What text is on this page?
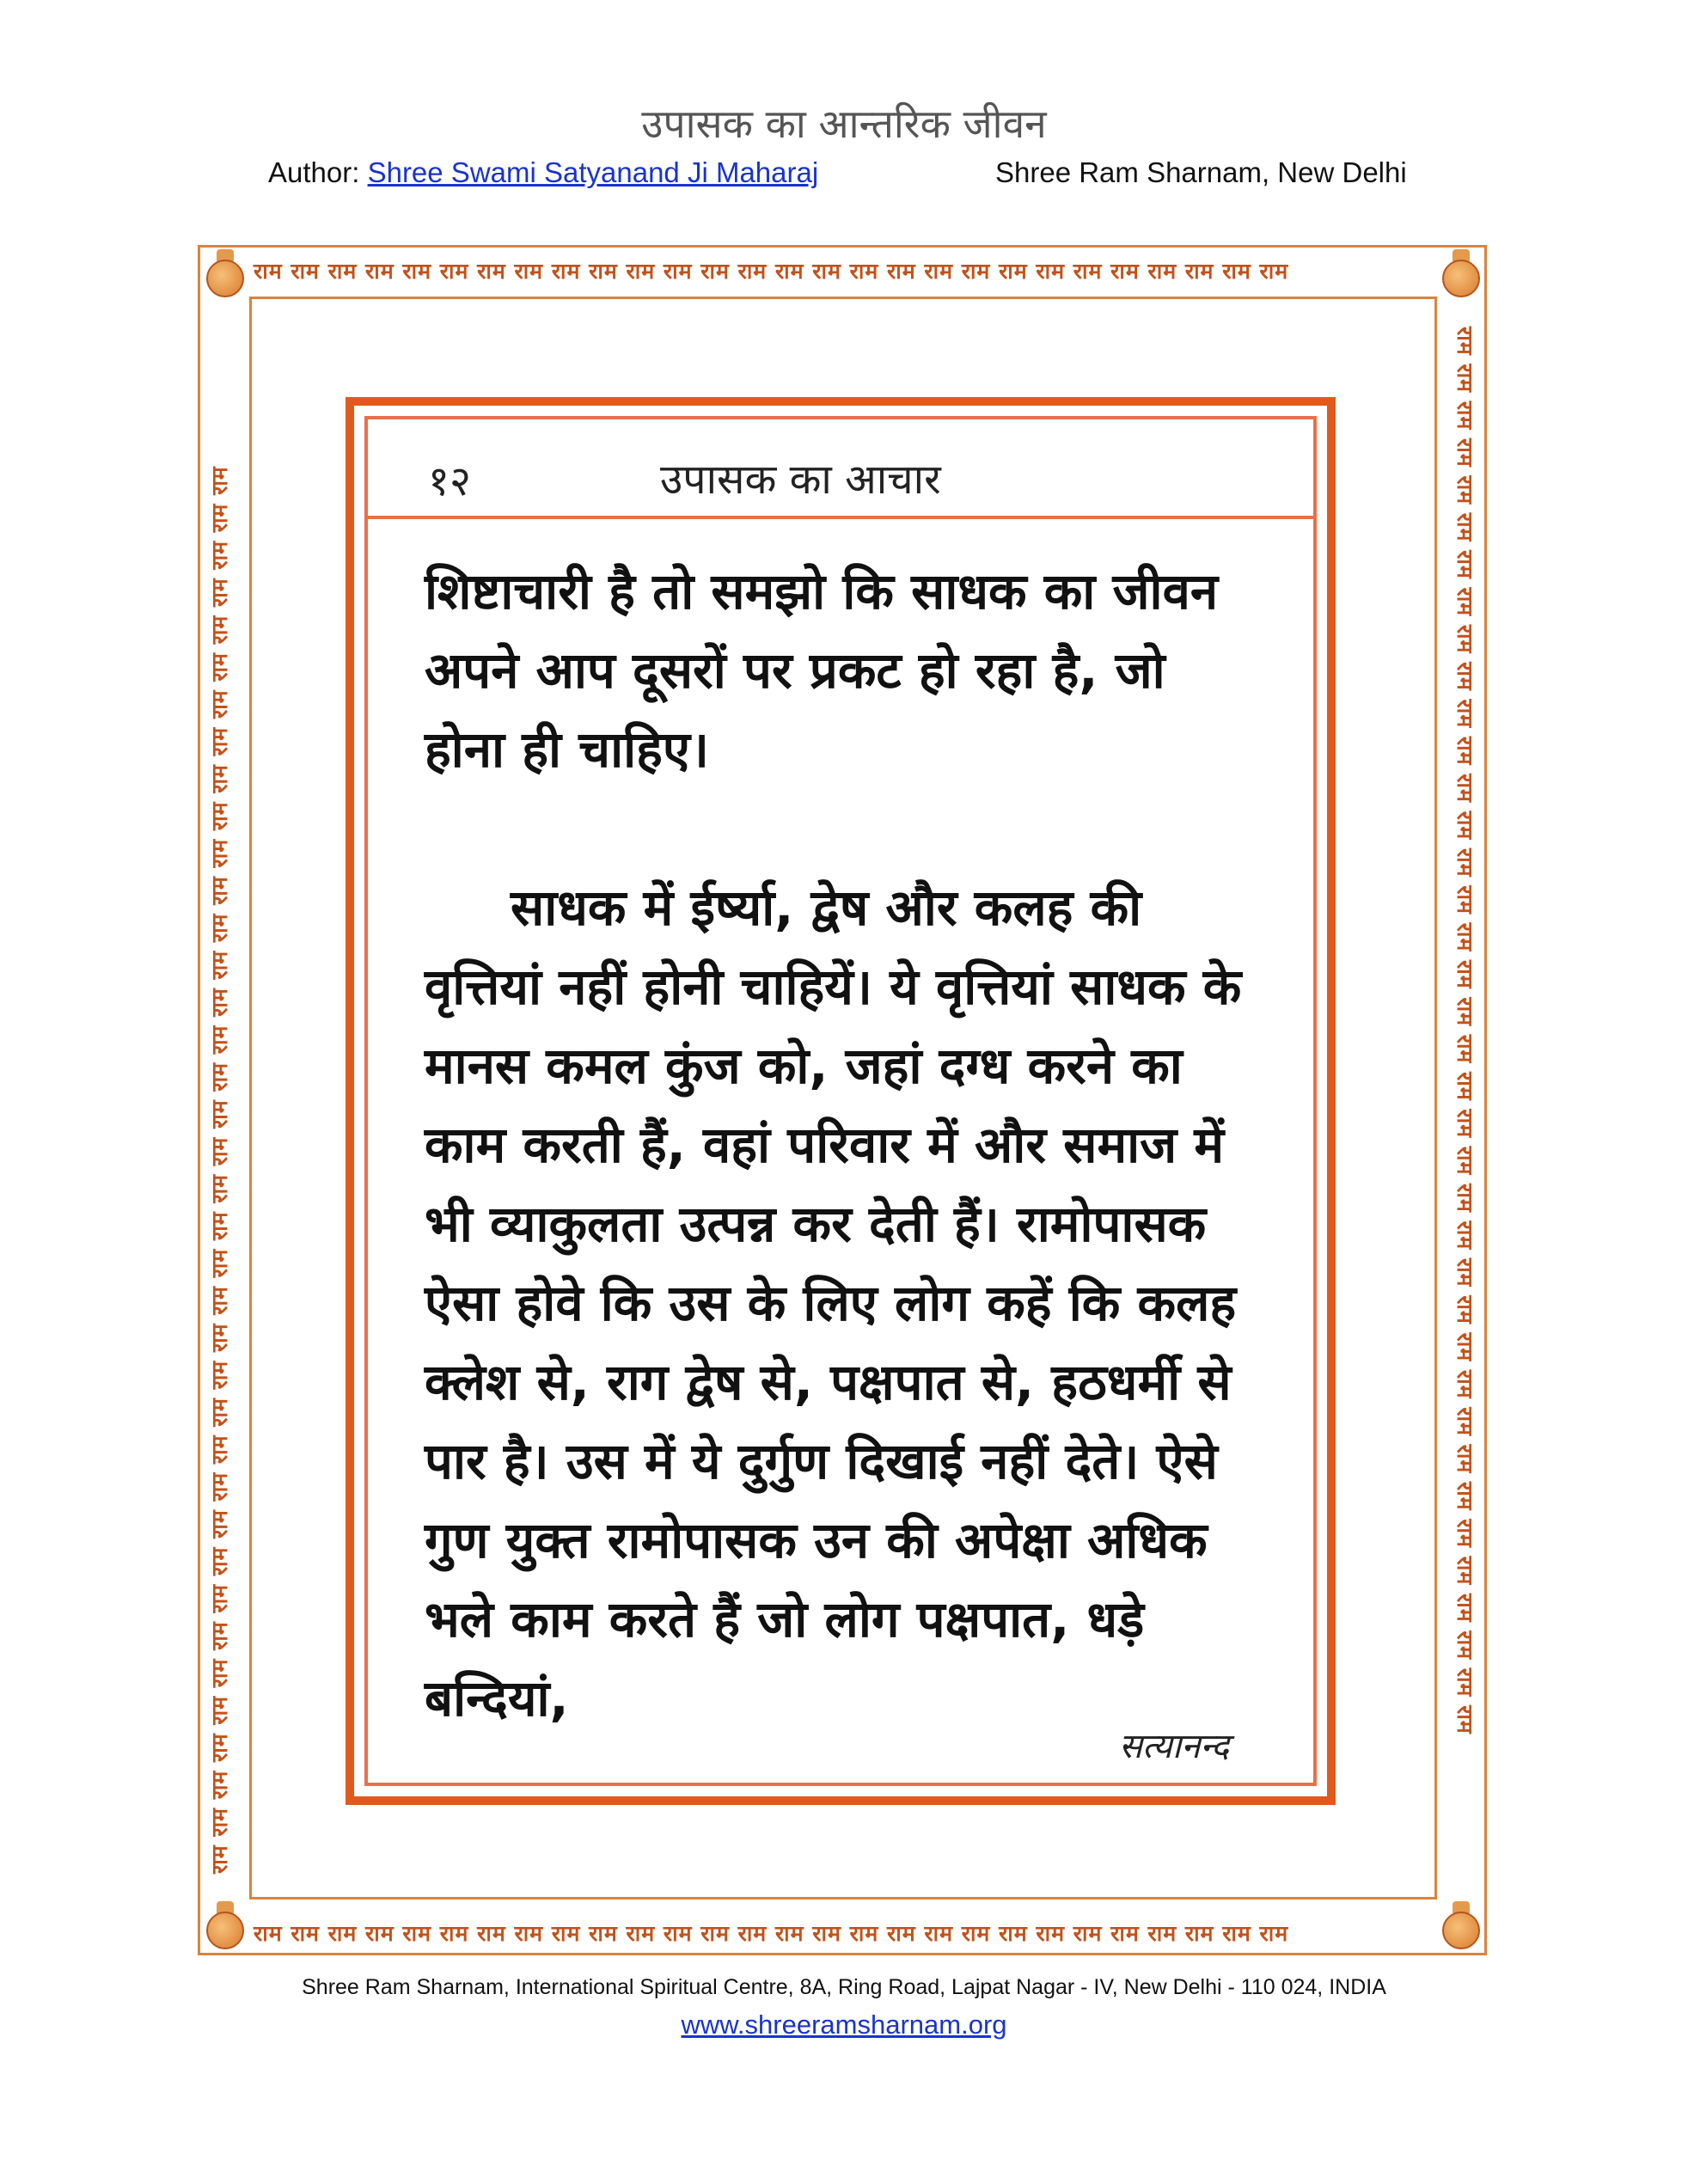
उपासक का आन्तरिक जीवन
Author: Shree Swami Satyanand Ji Maharaj	Shree Ram Sharnam, New Delhi
राम राम राम राम राम राम राम राम राम राम राम राम राम राम राम राम राम राम राम राम राम राम राम राम राम राम राम राम
राम राम राम राम राम राम राम राम राम राम राम राम राम राम राम राम राम राम राम राम राम राम राम राम राम राम राम राम
राम राम राम राम राम राम राम राम राम राम राम राम राम राम राम राम राम राम राम राम राम राम राम राम राम राम राम राम राम राम राम राम राम राम राम राम राम राम	राम राम राम राम राम राम राम राम राम राम राम राम राम राम राम राम राम राम राम राम राम राम राम राम राम राम राम राम राम राम राम राम राम राम राम राम राम राम
१२	उपासक का आचार

शिष्टाचारी है तो समझो कि साधक का जीवन अपने आप दूसरों पर प्रकट हो रहा है, जो होना ही चाहिए।

साधक में ईर्ष्या, द्वेष और कलह की वृत्तियां नहीं होनी चाहियें। ये वृत्तियां साधक के मानस कमल कुंज को, जहां दग्ध करने का काम करती हैं, वहां परिवार में और समाज में भी व्याकुलता उत्पन्न कर देती हैं। रामोपासक ऐसा होवे कि उस के लिए लोग कहें कि कलह क्लेश से, राग द्वेष से, पक्षपात से, हठधर्मी से पार है। उस में ये दुर्गुण दिखाई नहीं देते। ऐसे गुण युक्त रामोपासक उन की अपेक्षा अधिक भले काम करते हैं जो लोग पक्षपात, धड़े बन्दियां,

सत्यानन्द
Shree Ram Sharnam, International Spiritual Centre, 8A, Ring Road, Lajpat Nagar - IV, New Delhi - 110 024, INDIA
www.shreeramsharnam.org
